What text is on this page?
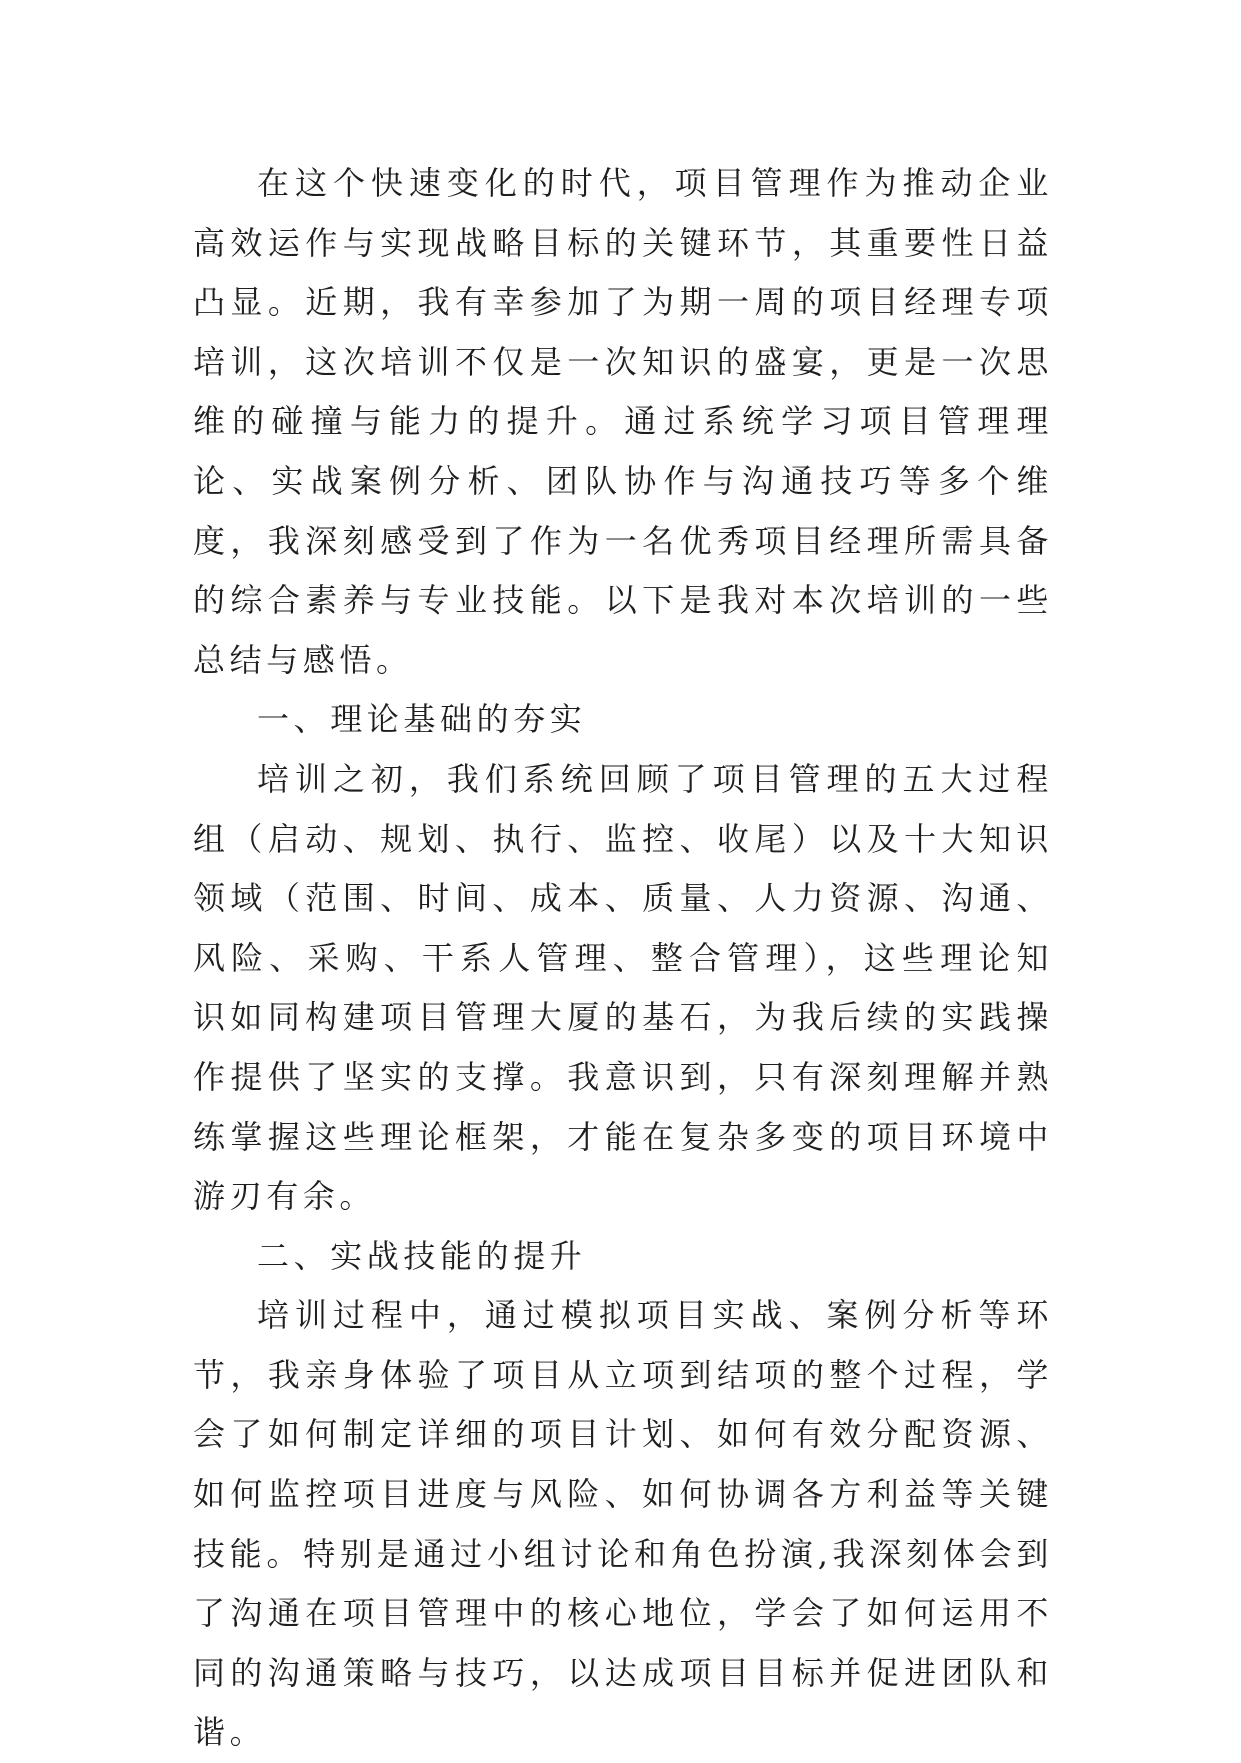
在这个快速变化的时代，项目管理作为推动企业高效运作与实现战略目标的关键环节，其重要性日益凸显。近期，我有幸参加了为期一周的项目经理专项培训，这次培训不仅是一次知识的盛宴，更是一次思维的碰撞与能力的提升。通过系统学习项目管理理论、实战案例分析、团队协作与沟通技巧等多个维度，我深刻感受到了作为一名优秀项目经理所需具备的综合素养与专业技能。以下是我对本次培训的一些总结与感悟。

一、理论基础的夯实

培训之初，我们系统回顾了项目管理的五大过程组（启动、规划、执行、监控、收尾）以及十大知识领域（范围、时间、成本、质量、人力资源、沟通、风险、采购、干系人管理、整合管理），这些理论知识如同构建项目管理大厦的基石，为我后续的实践操作提供了坚实的支撑。我意识到，只有深刻理解并熟练掌握这些理论框架，才能在复杂多变的项目环境中游刃有余。

二、实战技能的提升

培训过程中，通过模拟项目实战、案例分析等环节，我亲身体验了项目从立项到结项的整个过程，学会了如何制定详细的项目计划、如何有效分配资源、如何监控项目进度与风险、如何协调各方利益等关键技能。特别是通过小组讨论和角色扮演,我深刻体会到了沟通在项目管理中的核心地位，学会了如何运用不同的沟通策略与技巧，以达成项目目标并促进团队和谐。
